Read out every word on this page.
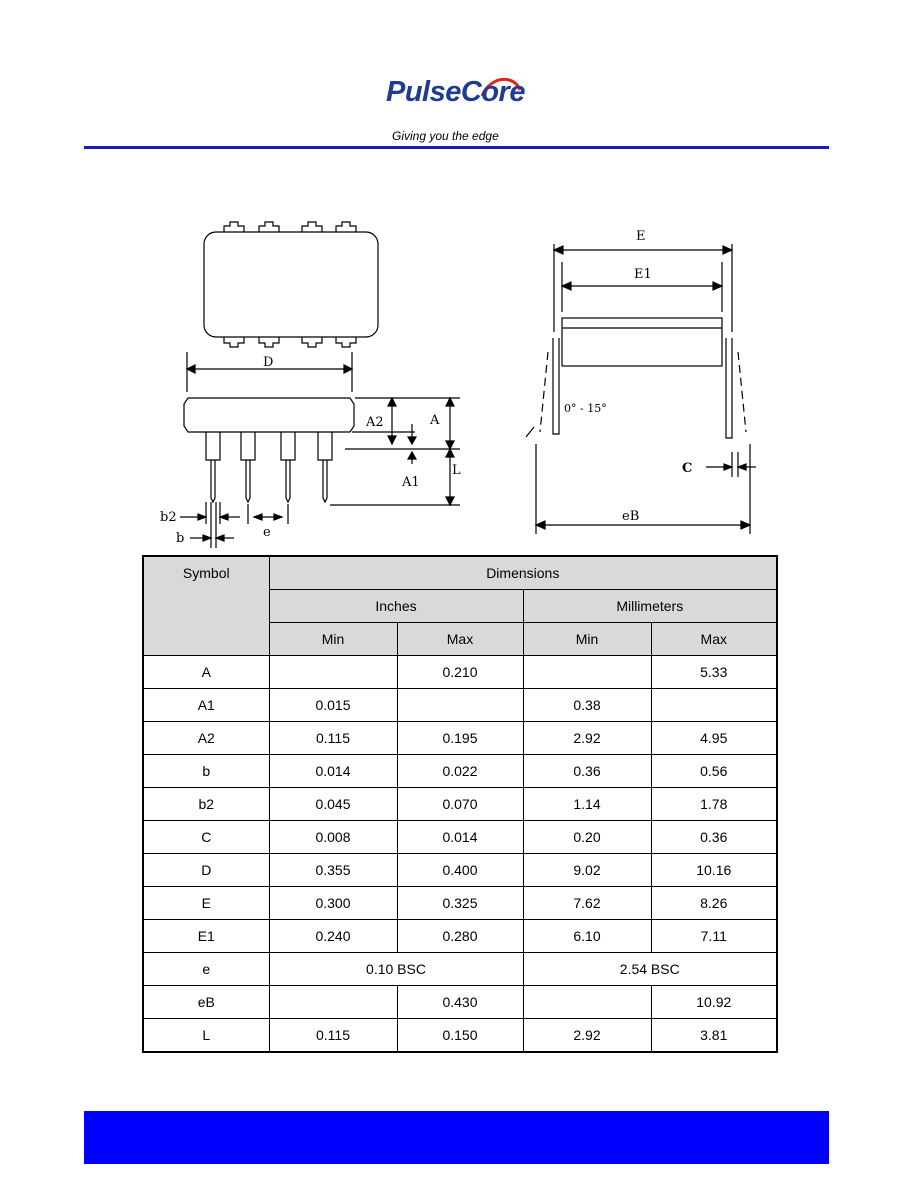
PulseCore
Giving you the edge
D
A
A2
A1
L
b2
b	e
E
E1
0° - 15°
C
eB
Symbol	Dimensions			
	Inches		Millimeters	
	Min	Max	Min	Max
A		0.210		5.33
A1	0.015		0.38	
A2	0.115	0.195	2.92	4.95
b	0.014	0.022	0.36	0.56
b2	0.045	0.070	1.14	1.78
C	0.008	0.014	0.20	0.36
D	0.355	0.400	9.02	10.16
E	0.300	0.325	7.62	8.26
E1	0.240	0.280	6.10	7.11
e	0.10 BSC		2.54 BSC	
eB		0.430		10.92
L	0.115	0.150	2.92	3.81
